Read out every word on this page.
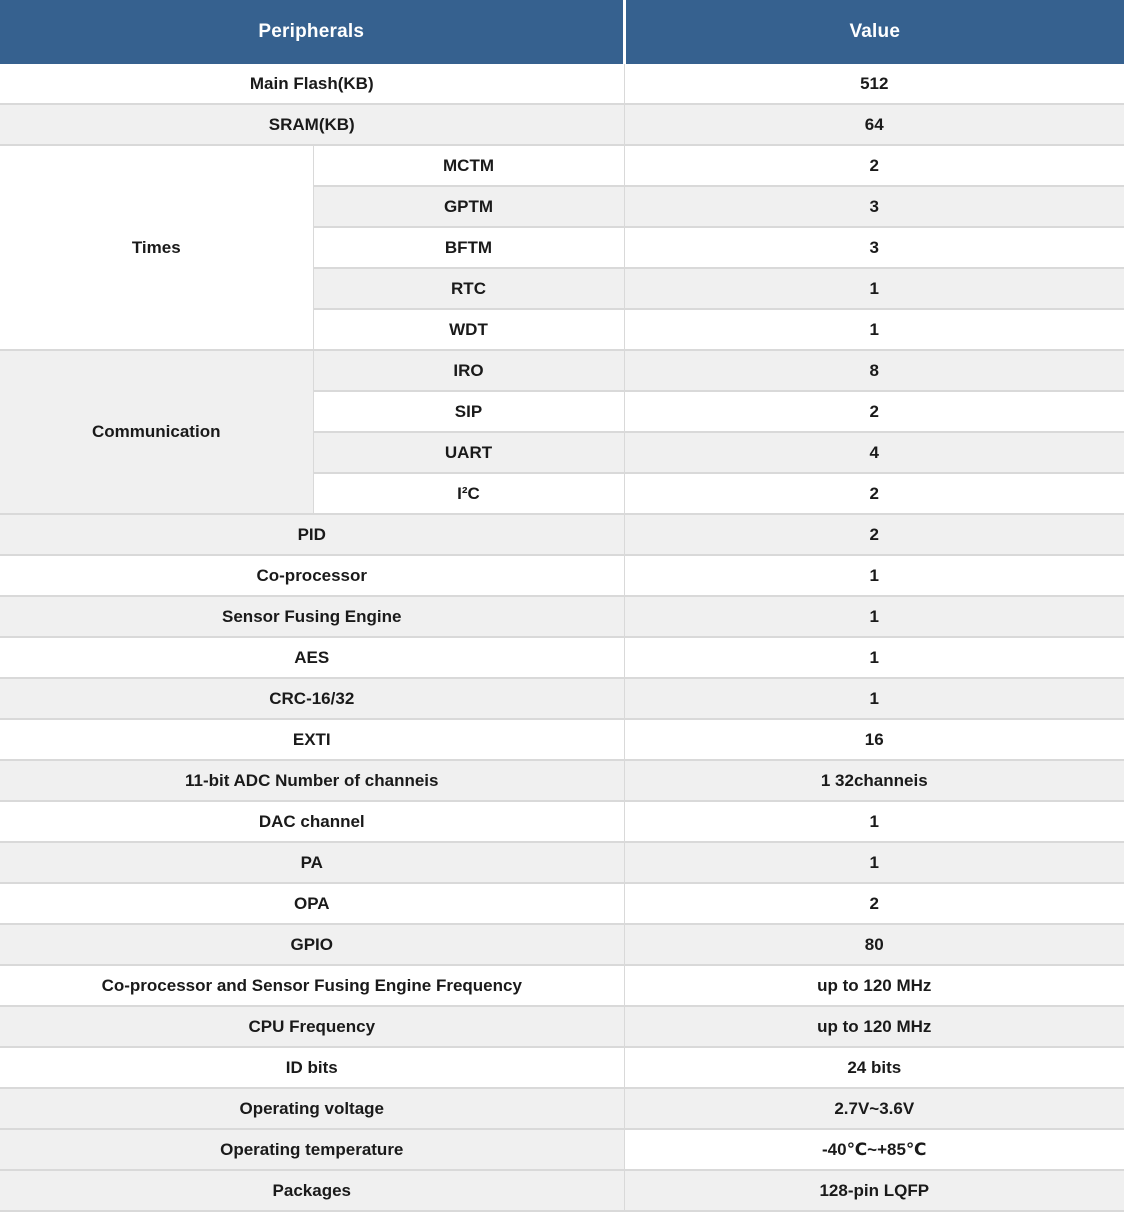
Peripherals		Value
Main Flash(KB)		512
SRAM(KB)		64
Times	MCTM	2
	GPTM	3
	BFTM	3
	RTC	1
	WDT	1
Communication	IRO	8
	SIP	2
	UART	4
	I²C	2
PID		2
Co-processor		1
Sensor Fusing Engine		1
AES		1
CRC-16/32		1
EXTI		16
11-bit ADC Number of channeis		1 32channeis
DAC channel		1
PA		1
OPA		2
GPIO		80
Co-processor and Sensor Fusing Engine Frequency		up to 120 MHz
CPU Frequency		up to 120 MHz
ID bits		24 bits
Operating voltage		2.7V~3.6V
Operating temperature		-40℃~+85℃
Packages		128-pin LQFP
